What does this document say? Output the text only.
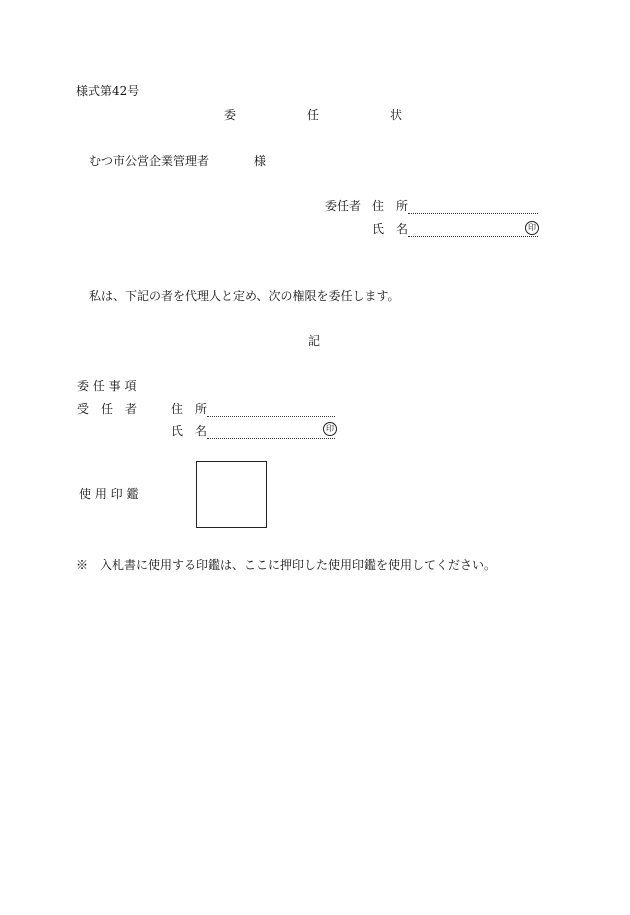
様式第42号
委	任	状
むつ市公営企業管理者	様
委任者 住　所
氏　名	印
私は、下記の者を代理人と定め、次の権限を委任します。
記
委 任 事 項
受　任　者	住　所
氏　名	印
使 用 印 鑑
※　入札書に使用する印鑑は、ここに押印した使用印鑑を使用してください。
